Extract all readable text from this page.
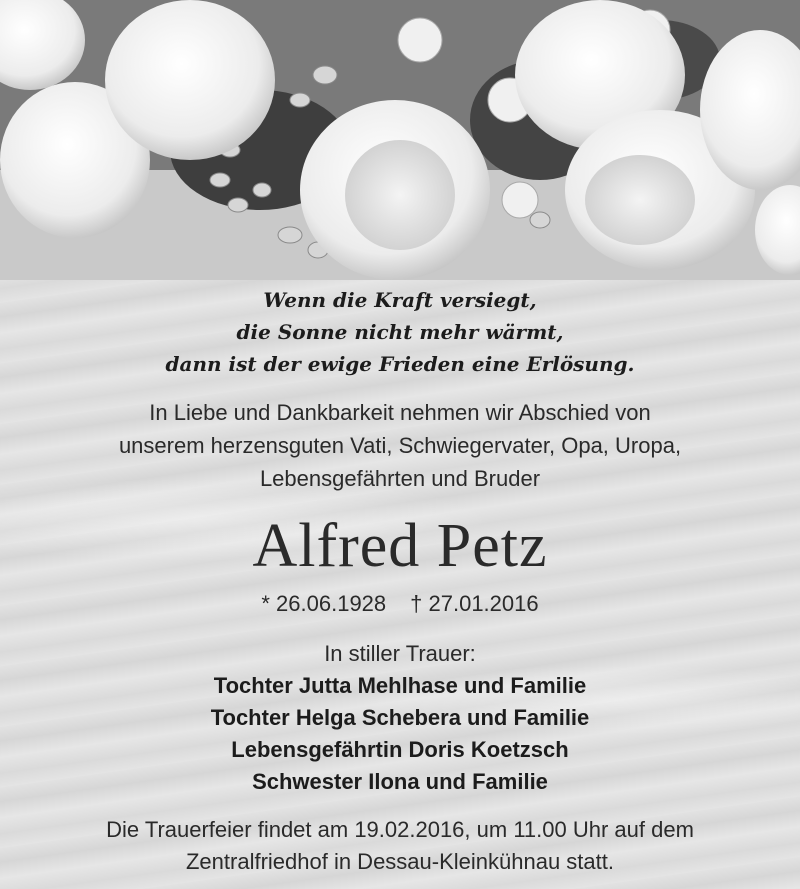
Wenn die Kraft versiegt,
die Sonne nicht mehr wärmt,
dann ist der ewige Frieden eine Erlösung.
In Liebe und Dankbarkeit nehmen wir Abschied von
unserem herzensguten Vati, Schwiegervater, Opa, Uropa,
Lebensgefährten und Bruder
Alfred Petz
* 26.06.1928 † 27.01.2016
In stiller Trauer:
Tochter Jutta Mehlhase und Familie
Tochter Helga Schebera und Familie
Lebensgefährtin Doris Koetzsch
Schwester Ilona und Familie
Die Trauerfeier findet am 19.02.2016, um 11.00 Uhr auf dem
Zentralfriedhof in Dessau-Kleinkühnau statt.
